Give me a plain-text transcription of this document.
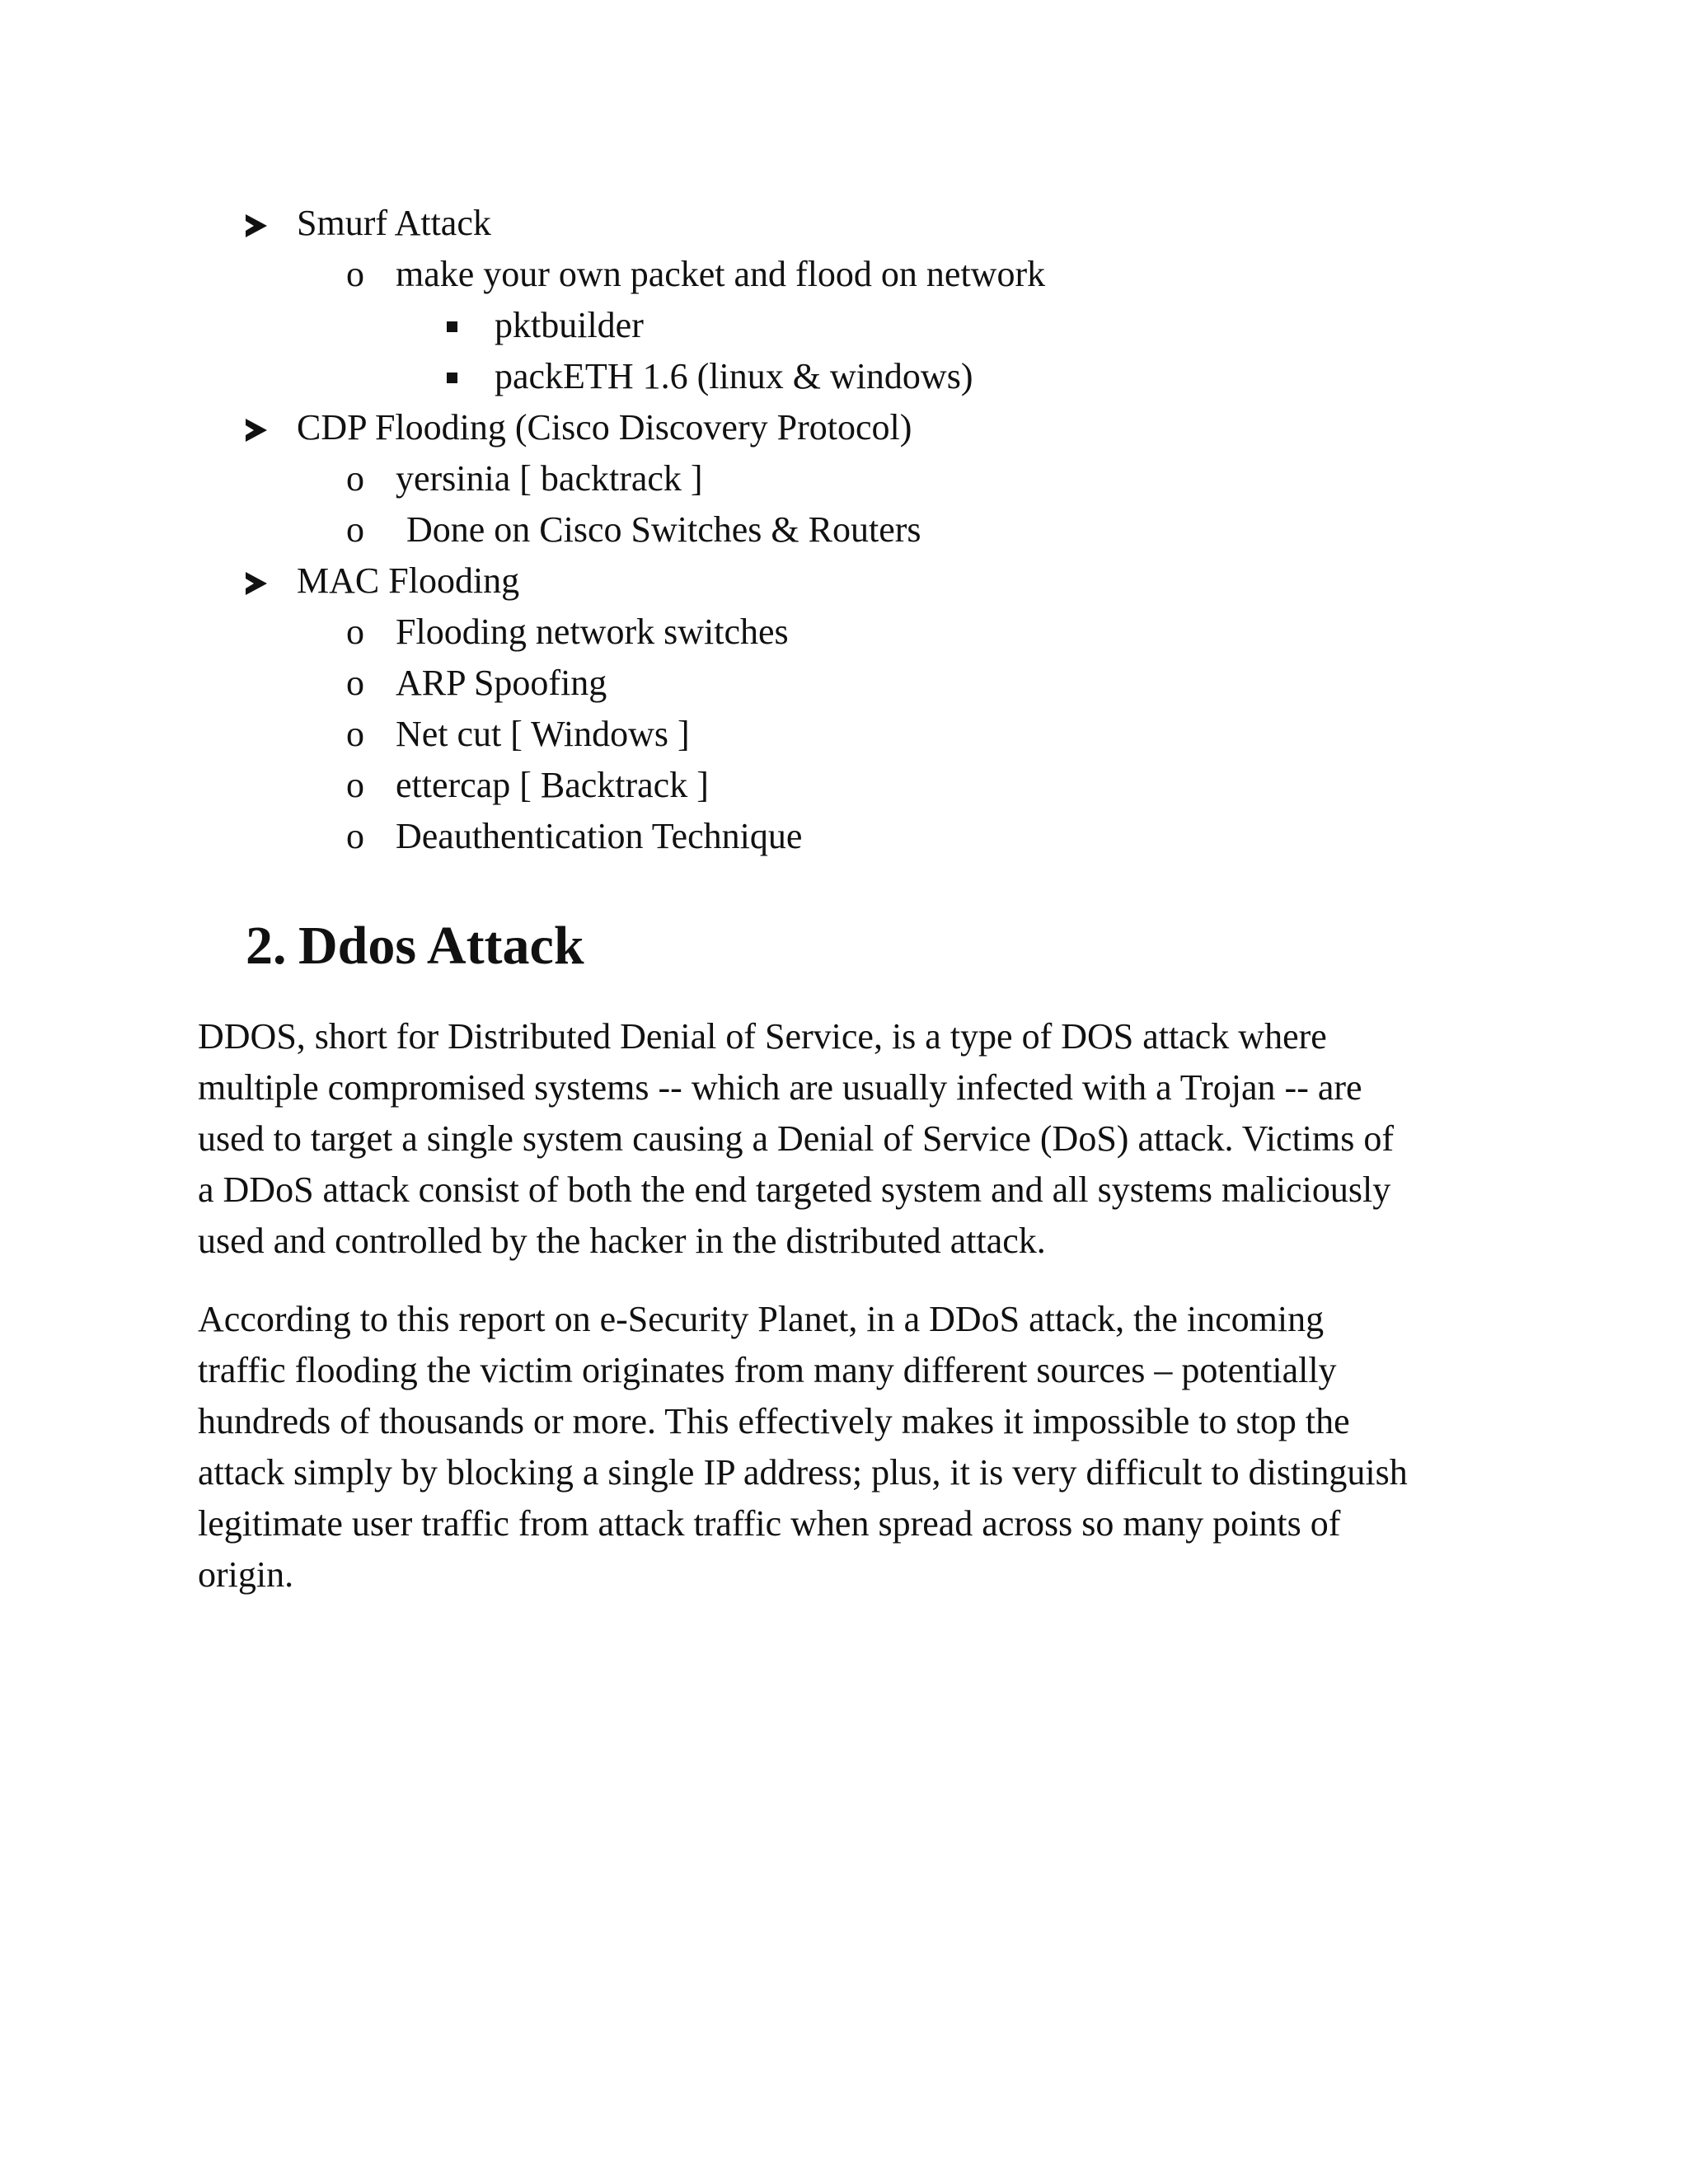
Smurf Attack
o make your own packet and flood on network
pktbuilder
packETH 1.6 (linux & windows)
CDP Flooding (Cisco Discovery Protocol)
o yersinia [ backtrack ]
o Done on Cisco Switches & Routers
MAC Flooding
o Flooding network switches
o ARP Spoofing
o Net cut [ Windows ]
o ettercap [ Backtrack ]
o Deauthentication Technique
2. Ddos Attack

DDOS, short for Distributed Denial of Service, is a type of DOS attack where
multiple compromised systems -- which are usually infected with a Trojan -- are
used to target a single system causing a Denial of Service (DoS) attack. Victims of
a DDoS attack consist of both the end targeted system and all systems maliciously
used and controlled by the hacker in the distributed attack.

According to this report on e-Security Planet, in a DDoS attack, the incoming
traffic flooding the victim originates from many different sources – potentially
hundreds of thousands or more. This effectively makes it impossible to stop the
attack simply by blocking a single IP address; plus, it is very difficult to distinguish
legitimate user traffic from attack traffic when spread across so many points of
origin.
